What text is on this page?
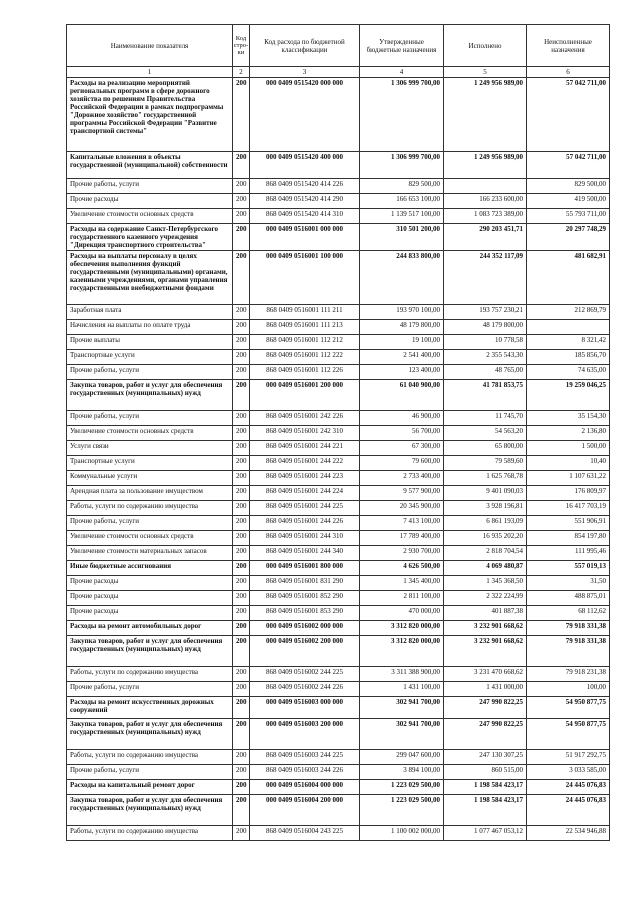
Наименование показателя	Код стро-ки	Код расхода по бюджетной классификации	Утвержденные бюджетные назначения	Исполнено	Неисполненные назначения
1	2	3	4	5	6
Расходы на реализацию мероприятий региональных программ в сфере дорожного хозяйства по решениям Правительства Российской Федерации в рамках подпрограммы "Дорожное хозяйство" государственной программы Российской Федерации "Развитие транспортной системы"	200	000 0409 0515420 000 000	1 306 999 700,00	1 249 956 989,00	57 042 711,00
Капитальные вложения в объекты государственной (муниципальной) собственности	200	000 0409 0515420 400 000	1 306 999 700,00	1 249 956 989,00	57 042 711,00
Прочие работы, услуги	200	868 0409 0515420 414 226	829 500,00		829 500,00
Прочие расходы	200	868 0409 0515420 414 290	166 653 100,00	166 233 600,00	419 500,00
Увеличение стоимости основных средств	200	868 0409 0515420 414 310	1 139 517 100,00	1 083 723 389,00	55 793 711,00
Расходы на содержание Санкт-Петербургского государственного казенного учреждения "Дирекция транспортного строительства"	200	000 0409 0516001 000 000	310 501 200,00	290 203 451,71	20 297 748,29
Расходы на выплаты персоналу в целях обеспечения выполнения функций государственными (муниципальными) органами, казенными учреждениями, органами управления государственными внебюджетными фондами	200	000 0409 0516001 100 000	244 833 800,00	244 352 117,09	481 682,91
Заработная плата	200	868 0409 0516001 111 211	193 970 100,00	193 757 230,21	212 869,79
Начисления на выплаты по оплате труда	200	868 0409 0516001 111 213	48 179 800,00	48 179 800,00	
Прочие выплаты	200	868 0409 0516001 112 212	19 100,00	10 778,58	8 321,42
Транспортные услуги	200	868 0409 0516001 112 222	2 541 400,00	2 355 543,30	185 856,70
Прочие работы, услуги	200	868 0409 0516001 112 226	123 400,00	48 765,00	74 635,00
Закупка товаров, работ и услуг для обеспечения государственных (муниципальных) нужд	200	000 0409 0516001 200 000	61 040 900,00	41 781 853,75	19 259 046,25
Прочие работы, услуги	200	868 0409 0516001 242 226	46 900,00	11 745,70	35 154,30
Увеличение стоимости основных средств	200	868 0409 0516001 242 310	56 700,00	54 563,20	2 136,80
Услуги связи	200	868 0409 0516001 244 221	67 300,00	65 800,00	1 500,00
Транспортные услуги	200	868 0409 0516001 244 222	79 600,00	79 589,60	10,40
Коммунальные услуги	200	868 0409 0516001 244 223	2 733 400,00	1 625 768,78	1 107 631,22
Арендная плата за пользование имуществом	200	868 0409 0516001 244 224	9 577 900,00	9 401 090,03	176 809,97
Работы, услуги по содержанию имущества	200	868 0409 0516001 244 225	20 345 900,00	3 928 196,81	16 417 703,19
Прочие работы, услуги	200	868 0409 0516001 244 226	7 413 100,00	6 861 193,09	551 906,91
Увеличение стоимости основных средств	200	868 0409 0516001 244 310	17 789 400,00	16 935 202,20	854 197,80
Увеличение стоимости материальных запасов	200	868 0409 0516001 244 340	2 930 700,00	2 818 704,54	111 995,46
Иные бюджетные ассигнования	200	000 0409 0516001 800 000	4 626 500,00	4 069 480,87	557 019,13
Прочие расходы	200	868 0409 0516001 831 290	1 345 400,00	1 345 368,50	31,50
Прочие расходы	200	868 0409 0516001 852 290	2 811 100,00	2 322 224,99	488 875,01
Прочие расходы	200	868 0409 0516001 853 290	470 000,00	401 887,38	68 112,62
Расходы на ремонт автомобильных дорог	200	000 0409 0516002 000 000	3 312 820 000,00	3 232 901 668,62	79 918 331,38
Закупка товаров, работ и услуг для обеспечения государственных (муниципальных) нужд	200	000 0409 0516002 200 000	3 312 820 000,00	3 232 901 668,62	79 918 331,38
Работы, услуги по содержанию имущества	200	868 0409 0516002 244 225	3 311 388 900,00	3 231 470 668,62	79 918 231,38
Прочие работы, услуги	200	868 0409 0516002 244 226	1 431 100,00	1 431 000,00	100,00
Расходы на ремонт искусственных дорожных сооружений	200	000 0409 0516003 000 000	302 941 700,00	247 990 822,25	54 950 877,75
Закупка товаров, работ и услуг для обеспечения государственных (муниципальных) нужд	200	000 0409 0516003 200 000	302 941 700,00	247 990 822,25	54 950 877,75
Работы, услуги по содержанию имущества	200	868 0409 0516003 244 225	299 047 600,00	247 130 307,25	51 917 292,75
Прочие работы, услуги	200	868 0409 0516003 244 226	3 894 100,00	860 515,00	3 033 585,00
Расходы на капитальный ремонт дорог	200	000 0409 0516004 000 000	1 223 029 500,00	1 198 584 423,17	24 445 076,83
Закупка товаров, работ и услуг для обеспечения государственных (муниципальных) нужд	200	000 0409 0516004 200 000	1 223 029 500,00	1 198 584 423,17	24 445 076,83
Работы, услуги по содержанию имущества	200	868 0409 0516004 243 225	1 100 002 000,00	1 077 467 053,12	22 534 946,88
